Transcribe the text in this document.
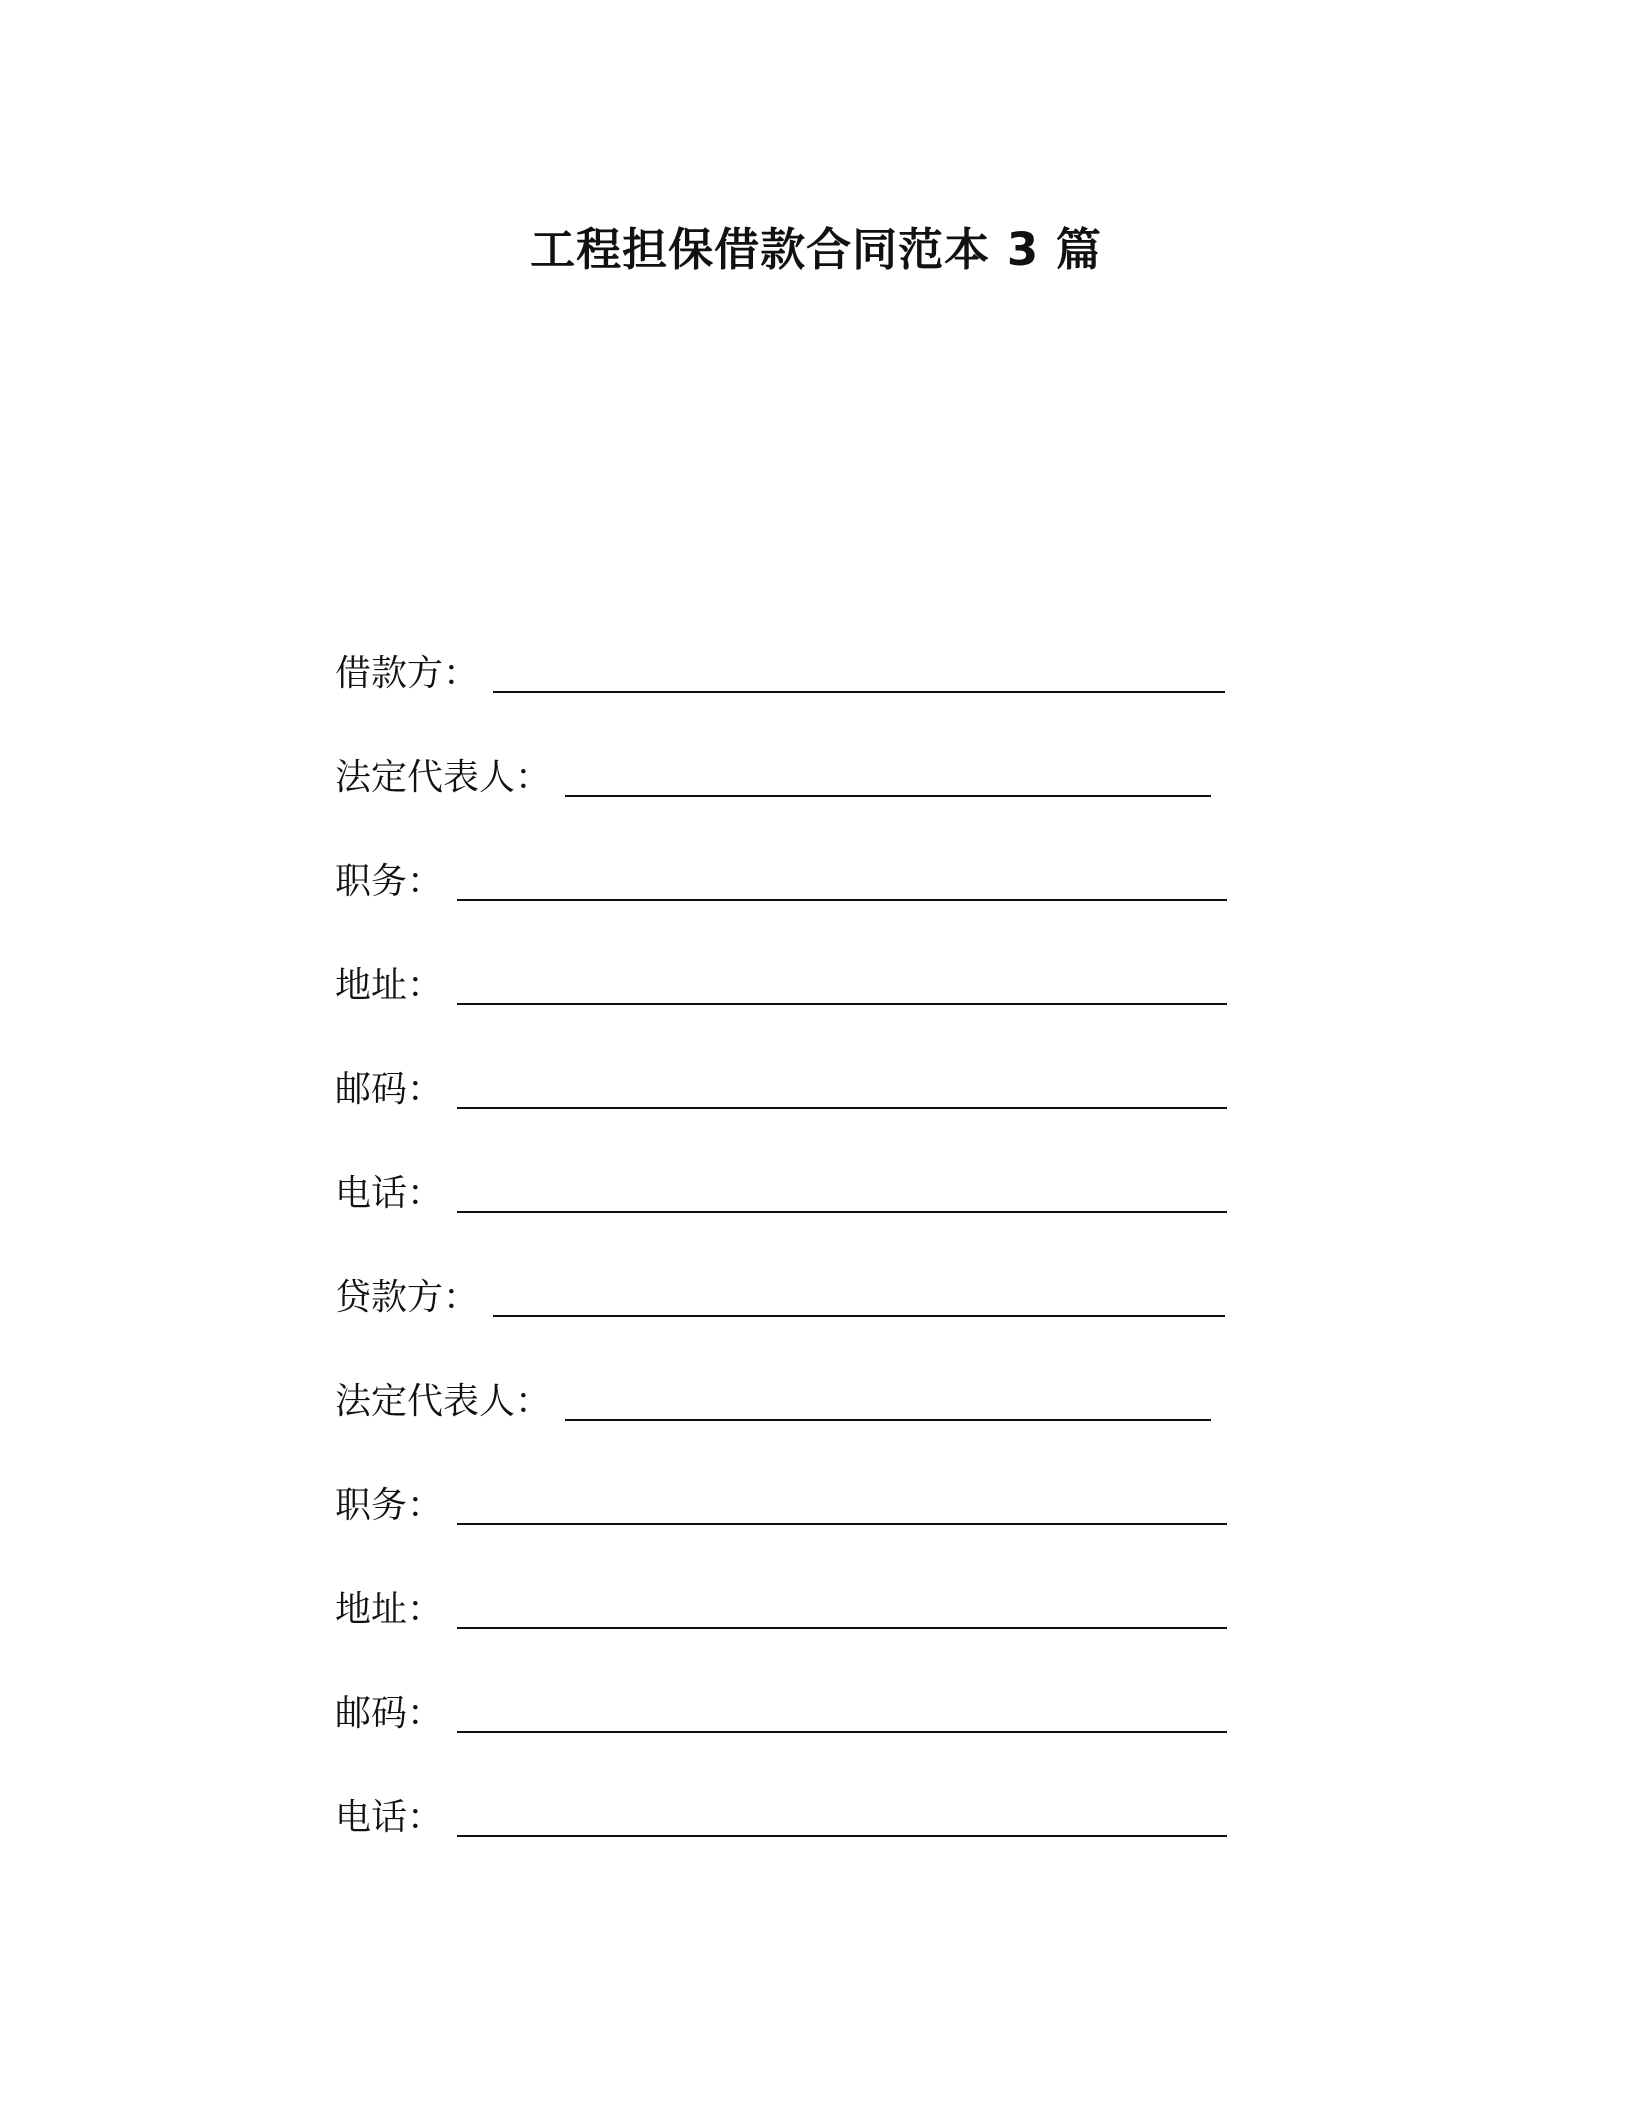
工程担保借款合同范本 3 篇
借款方：
法定代表人：
职务：
地址：
邮码：
电话：
贷款方：
法定代表人：
职务：
地址：
邮码：
电话：
